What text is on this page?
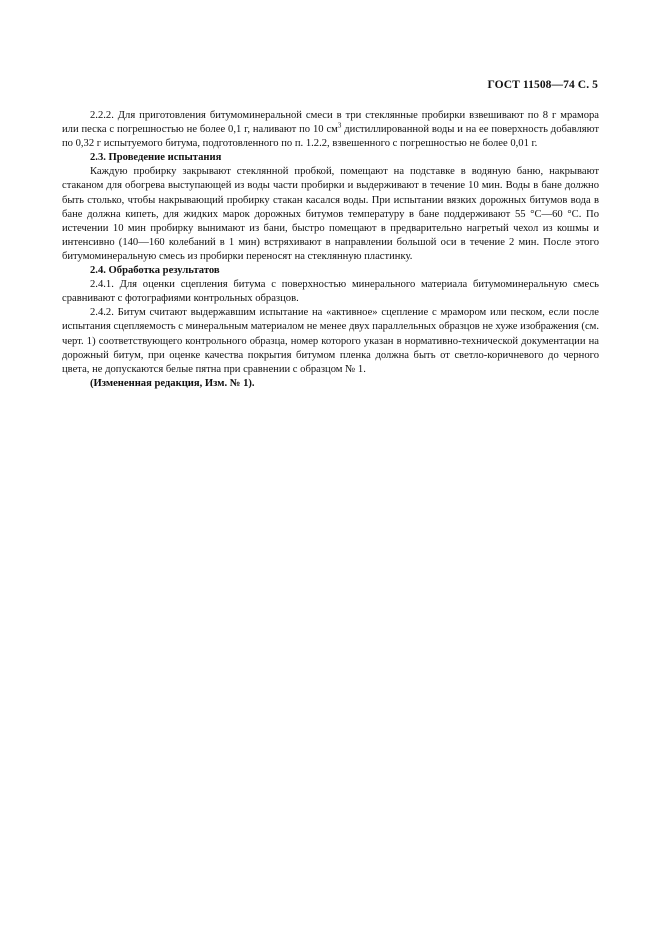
ГОСТ 11508—74 С. 5

2.2.2. Для приготовления битумоминеральной смеси в три стеклянные пробирки взвешивают по 8 г мрамора или песка с погрешностью не более 0,1 г, наливают по 10 $см^3$ дистиллированной воды и на ее поверхность добавляют по 0,32 г испытуемого битума, подготовленного по п. 1.2.2, взвешенного с погрешностью не более 0,01 г.

2.3. Проведение испытания

Каждую пробирку закрывают стеклянной пробкой, помещают на подставке в водяную баню, накрывают стаканом для обогрева выступающей из воды части пробирки и выдерживают в течение 10 мин. Воды в бане должно быть столько, чтобы накрывающий пробирку стакан касался воды. При испытании вязких дорожных битумов вода в бане должна кипеть, для жидких марок дорожных битумов температуру в бане поддерживают 55 °С—60 °С. По истечении 10 мин пробирку вынимают из бани, быстро помещают в предварительно нагретый чехол из кошмы и интенсивно (140—160 колебаний в 1 мин) встряхивают в направлении большой оси в течение 2 мин. После этого битумоминеральную смесь из пробирки переносят на стеклянную пластинку.

2.4. Обработка результатов

2.4.1. Для оценки сцепления битума с поверхностью минерального материала битумоминеральную смесь сравнивают с фотографиями контрольных образцов.

2.4.2. Битум считают выдержавшим испытание на «активное» сцепление с мрамором или песком, если после испытания сцепляемость с минеральным материалом не менее двух параллельных образцов не хуже изображения (см. черт. 1) соответствующего контрольного образца, номер которого указан в нормативно-технической документации на дорожный битум, при оценке качества покрытия битумом пленка должна быть от светло-коричневого до черного цвета, не допускаются белые пятна при сравнении с образцом № 1.

(Измененная редакция, Изм. № 1).
